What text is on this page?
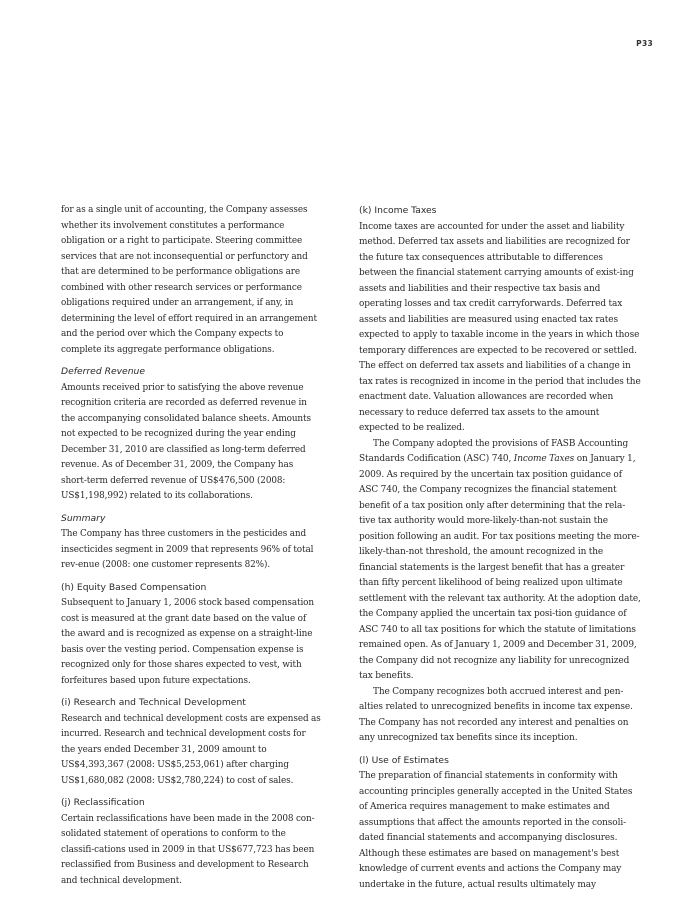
P33

for as a single unit of accounting, the Company assesses whether its involvement constitutes a performance obligation or a right to participate. Steering committee services that are not inconsequential or perfunctory and that are determined to be performance obligations are combined with other research services or performance obligations required under an arrangement, if any, in determining the level of effort required in an arrangement and the period over which the Company expects to complete its aggregate performance obligations.

Deferred Revenue

Amounts received prior to satisfying the above revenue recognition criteria are recorded as deferred revenue in the accompanying consolidated balance sheets. Amounts not expected to be recognized during the year ending December 31, 2010 are classified as long-term deferred revenue. As of December 31, 2009, the Company has short-term deferred revenue of US$476,500 (2008: US$1,198,992) related to its collaborations.

Summary

The Company has three customers in the pesticides and insecticides segment in 2009 that represents 96% of total rev-enue (2008: one customer represents 82%).

(h) Equity Based Compensation

Subsequent to January 1, 2006 stock based compensation cost is measured at the grant date based on the value of the award and is recognized as expense on a straight-line basis over the vesting period. Compensation expense is recognized only for those shares expected to vest, with forfeitures based upon future expectations.

(i) Research and Technical Development

Research and technical development costs are expensed as incurred. Research and technical development costs for the years ended December 31, 2009 amount to US$4,393,367 (2008: US$5,253,061) after charging US$1,680,082 (2008: US$2,780,224) to cost of sales.

(j) Reclassification

Certain reclassifications have been made in the 2008 con-solidated statement of operations to conform to the classifi-cations used in 2009 in that US$677,723 has been reclassified from Business and development to Research and technical development.

(k) Income Taxes

Income taxes are accounted for under the asset and liability method. Deferred tax assets and liabilities are recognized for the future tax consequences attributable to differences between the financial statement carrying amounts of exist-ing assets and liabilities and their respective tax basis and operating losses and tax credit carryforwards. Deferred tax assets and liabilities are measured using enacted tax rates expected to apply to taxable income in the years in which those temporary differences are expected to be recovered or settled. The effect on deferred tax assets and liabilities of a change in tax rates is recognized in income in the period that includes the enactment date. Valuation allowances are recorded when necessary to reduce deferred tax assets to the amount expected to be realized.

The Company adopted the provisions of FASB Accounting Standards Codification (ASC) 740, Income Taxes on January 1, 2009. As required by the uncertain tax position guidance of ASC 740, the Company recognizes the financial statement benefit of a tax position only after determining that the rela-tive tax authority would more-likely-than-not sustain the position following an audit. For tax positions meeting the more-likely-than-not threshold, the amount recognized in the financial statements is the largest benefit that has a greater than fifty percent likelihood of being realized upon ultimate settlement with the relevant tax authority. At the adoption date, the Company applied the uncertain tax posi-tion guidance of ASC 740 to all tax positions for which the statute of limitations remained open. As of January 1, 2009 and December 31, 2009, the Company did not recognize any liability for unrecognized tax benefits.

The Company recognizes both accrued interest and pen-alties related to unrecognized benefits in income tax expense. The Company has not recorded any interest and penalties on any unrecognized tax benefits since its inception.

(l) Use of Estimates

The preparation of financial statements in conformity with accounting principles generally accepted in the United States of America requires management to make estimates and assumptions that affect the amounts reported in the consoli-dated financial statements and accompanying disclosures. Although these estimates are based on management's best knowledge of current events and actions the Company may undertake in the future, actual results ultimately may
